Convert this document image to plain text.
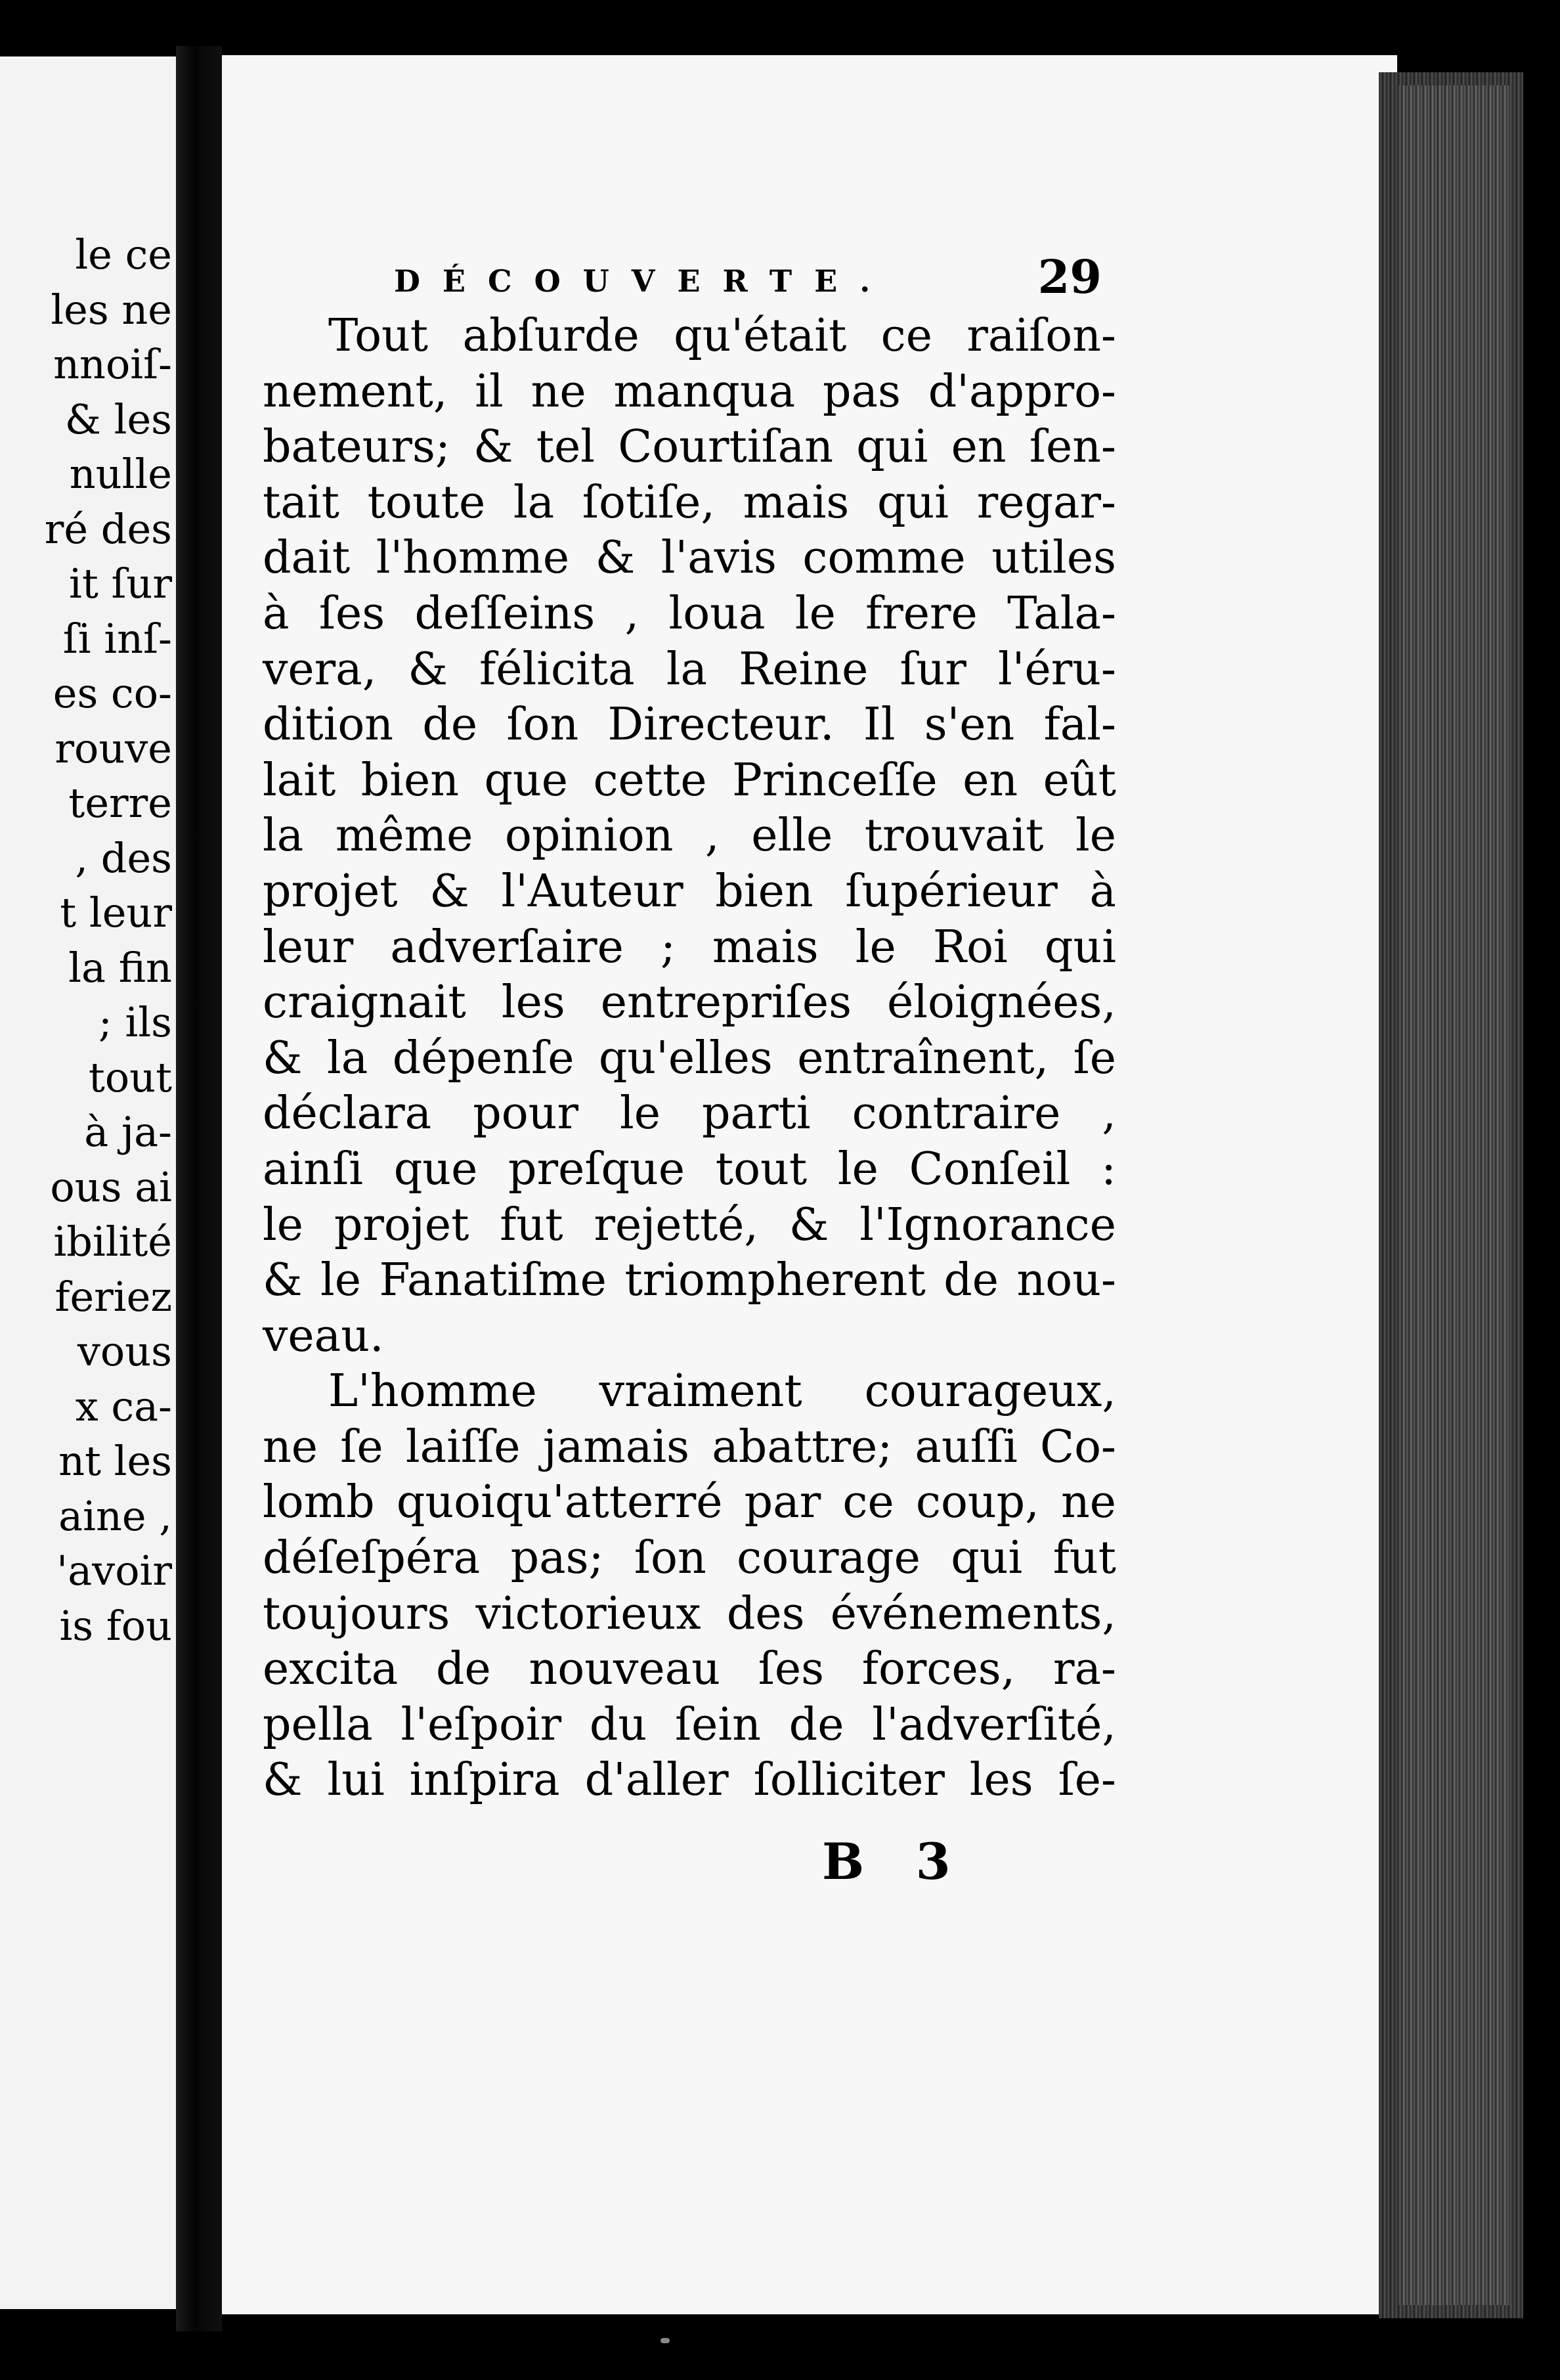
le ce
les ne
nnoiſ-
& les
nulle
ré des
it ſur
ſi inſ-
es co-
rouve
terre
, des
t leur
la fin
; ils
tout
à ja-
ous ai
ibilité
feriez
vous
x ca-
nt les
aine ,
'avoir
is fou
DÉCOUVERTE.	29
Tout abſurde qu'était ce raiſon-
nement, il ne manqua pas d'appro-
bateurs; & tel Courtiſan qui en ſen-
tait toute la ſotiſe, mais qui regar-
dait l'homme & l'avis comme utiles
à ſes deſſeins , loua le frere Tala-
vera, & félicita la Reine ſur l'éru-
dition de ſon Directeur. Il s'en fal-
lait bien que cette Princeſſe en eût
la même opinion , elle trouvait le
projet & l'Auteur bien ſupérieur à
leur adverſaire ; mais le Roi qui
craignait les entrepriſes éloignées,
& la dépenſe qu'elles entraînent, ſe
déclara pour le parti contraire ,
ainſi que preſque tout le Conſeil :
le projet fut rejetté, & l'Ignorance
& le Fanatiſme triompherent de nou-
veau.
L'homme vraiment courageux,
ne ſe laiſſe jamais abattre; auſſi Co-
lomb quoiqu'atterré par ce coup, ne
déſeſpéra pas; ſon courage qui fut
toujours victorieux des événements,
excita de nouveau ſes forces, ra-
pella l'eſpoir du ſein de l'adverſité,
& lui inſpira d'aller ſolliciter les ſe-
B 3
